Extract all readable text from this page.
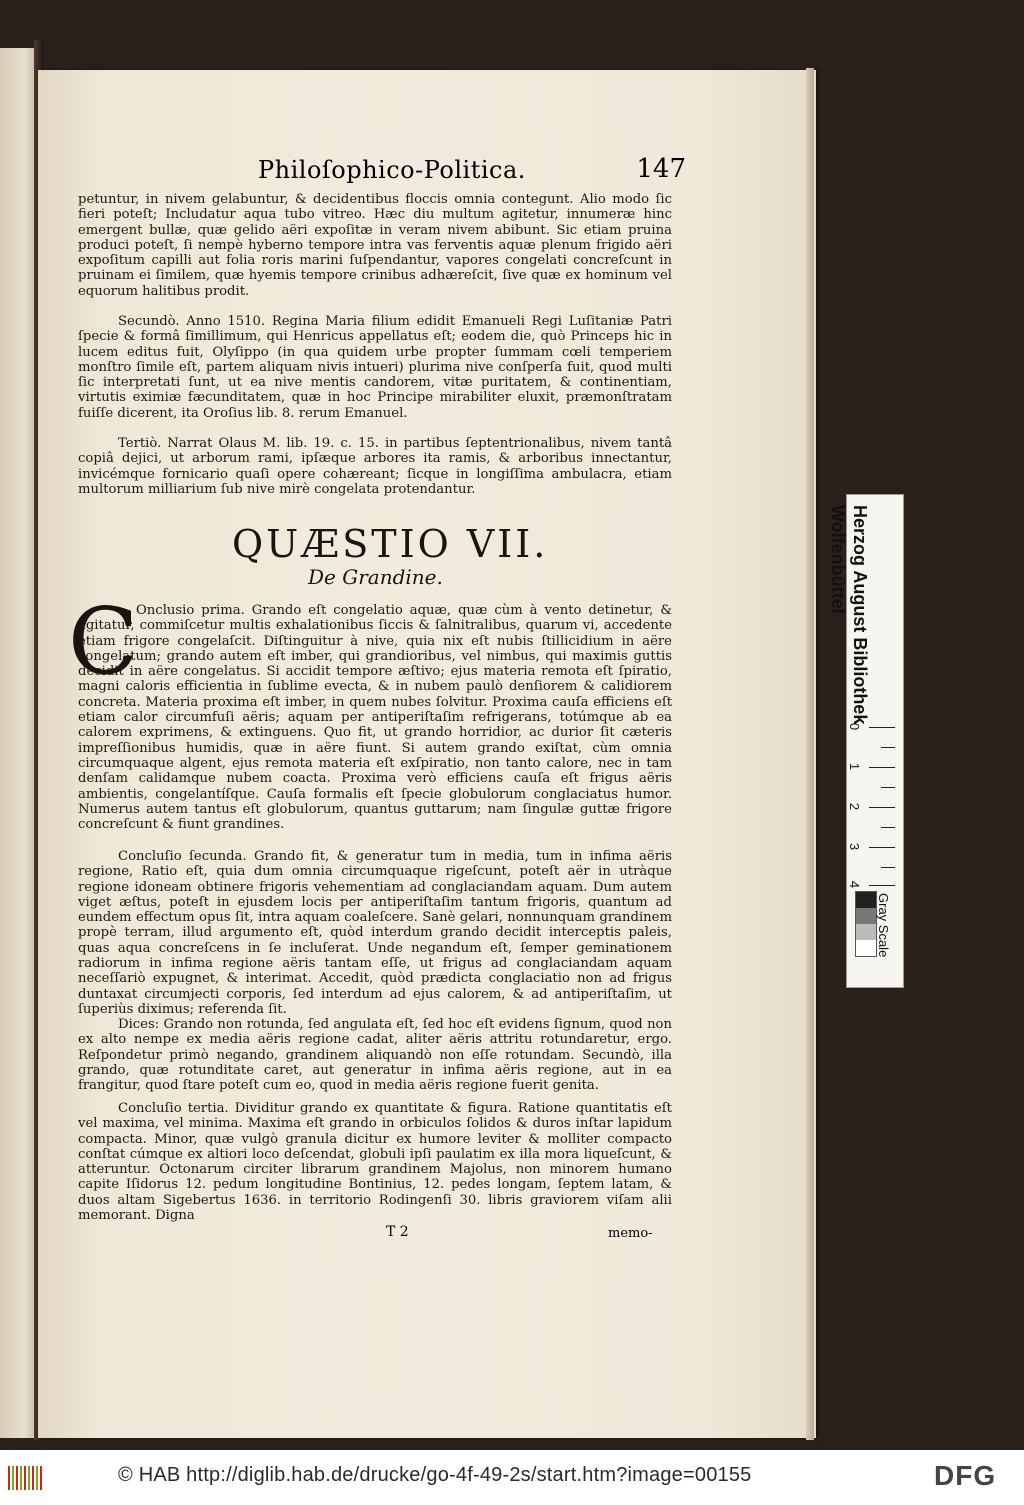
Philoſophico-Politica.	147
petuntur, in nivem gelabuntur, & decidentibus floccis omnia contegunt. Alio modo ſic fieri poteſt; Includatur aqua tubo vitreo. Hæc diu multum agitetur, innumeræ hinc emergent bullæ, quæ gelido aëri expoſitæ in veram nivem abibunt. Sic etiam pruina produci poteſt, ſi nempè hyberno tempore intra vas ferventis aquæ plenum frigido aëri expoſitum capilli aut folia roris marini ſuſpendantur, vapores congelati concreſcunt in pruinam ei ſimilem, quæ hyemis tempore crinibus adhæreſcit, ſive quæ ex hominum vel equorum halitibus prodit.
Secundò. Anno 1510. Regina Maria filium edidit Emanueli Regi Luſitaniæ Patri ſpecie & formâ ſimillimum, qui Henricus appellatus eſt; eodem die, quò Princeps hic in lucem editus fuit, Olyſippo (in qua quidem urbe propter ſummam cœli temperiem monſtro ſimile eſt, partem aliquam nivis intueri) plurima nive conſperſa fuit, quod multi ſic interpretati ſunt, ut ea nive mentis candorem, vitæ puritatem, & continentiam, virtutis eximiæ fæcunditatem, quæ in hoc Principe mirabiliter eluxit, præmonſtratam fuiſſe dicerent, ita Oroſius lib. 8. rerum Emanuel.
Tertiò. Narrat Olaus M. lib. 19. c. 15. in partibus ſeptentrionalibus, nivem tantâ copiâ dejici, ut arborum rami, ipſæque arbores ita ramis, & arboribus innectantur, invicémque fornicario quaſi opere cohæreant; ſicque in longiſſima ambulacra, etiam multorum milliarium ſub nive mirè congelata protendantur.
QUÆSTIO VII.
De Grandine.
C
Onclusio prima. Grando eſt congelatio aquæ, quæ cùm à vento detinetur, & agitatur, commiſcetur multis exhalationibus ſiccis & ſalnitralibus, quarum vi, accedente etiam frigore congelaſcit. Diſtinguitur à nive, quia nix eſt nubis ſtillicidium in aëre congelatum; grando autem eſt imber, qui grandioribus, vel nimbus, qui maximis guttis decidit in aëre congelatus. Si accidit tempore æſtivo; ejus materia remota eſt ſpiratio, magni caloris efficientia in ſublime evecta, & in nubem paulò denſiorem & calidiorem concreta. Materia proxima eſt imber, in quem nubes ſolvitur. Proxima cauſa efficiens eſt etiam calor circumfuſi aëris; aquam per antiperiſtaſim refrigerans, totúmque ab ea calorem exprimens, & extinguens. Quo fit, ut grando horridior, ac durior ſit cæteris impreſſionibus humidis, quæ in aëre fiunt. Si autem grando exiſtat, cùm omnia circumquaque algent, ejus remota materia eſt exſpiratio, non tanto calore, nec in tam denſam calidamque nubem coacta. Proxima verò efficiens cauſa eſt frigus aëris ambientis, congelantíſque. Cauſa formalis eſt ſpecie globulorum conglaciatus humor. Numerus autem tantus eſt globulorum, quantus guttarum; nam ſingulæ guttæ frigore concreſcunt & fiunt grandines.
Concluſio ſecunda. Grando fit, & generatur tum in media, tum in infima aëris regione, Ratio eſt, quia dum omnia circumquaque rigeſcunt, poteſt aër in utràque regione idoneam obtinere frigoris vehementiam ad conglaciandam aquam. Dum autem viget æſtus, poteſt in ejusdem locis per antiperiſtaſim tantum frigoris, quantum ad eundem effectum opus ſit, intra aquam coaleſcere. Sanè gelari, nonnunquam grandinem propè terram, illud argumento eſt, quòd interdum grando decidit interceptis paleis, quas aqua concreſcens in ſe incluſerat. Unde negandum eſt, ſemper geminationem radiorum in infima regione aëris tantam eſſe, ut frigus ad conglaciandam aquam neceſſariò expugnet, & interimat. Accedit, quòd prædicta conglaciatio non ad frigus duntaxat circumjecti corporis, ſed interdum ad ejus calorem, & ad antiperiſtaſim, ut ſuperiùs diximus; referenda ſit.
Dices: Grando non rotunda, ſed angulata eſt, ſed hoc eſt evidens ſignum, quod non ex alto nempe ex media aëris regione cadat, aliter aëris attritu rotundaretur, ergo. Reſpondetur primò negando, grandinem aliquandò non eſſe rotundam. Secundò, illa grando, quæ rotunditate caret, aut generatur in infima aëris regione, aut in ea frangitur, quod ſtare poteſt cum eo, quod in media aëris regione fuerit genita.
Concluſio tertia. Dividitur grando ex quantitate & figura. Ratione quantitatis eſt vel maxima, vel minima. Maxima eſt grando in orbiculos ſolidos & duros inſtar lapidum compacta. Minor, quæ vulgò granula dicitur ex humore leviter & molliter compacto conſtat cúmque ex altiori loco deſcendat, globuli ipſi paulatim ex illa mora liqueſcunt, & atteruntur. Octonarum circiter librarum grandinem Majolus, non minorem humano capite Iſidorus 12. pedum longitudine Bontinius, 12. pedes longam, ſeptem latam, & duos altam Sigebertus 1636. in territorio Rodingenſi 30. libris graviorem viſam alii memorant. Digna
T 2	memo-
Herzog August Bibliothek
Wolfenbüttel
0
1
2
3
4
Gray Scale
© HAB http://diglib.hab.de/drucke/go-4f-49-2s/start.htm?image=00155	DFG
